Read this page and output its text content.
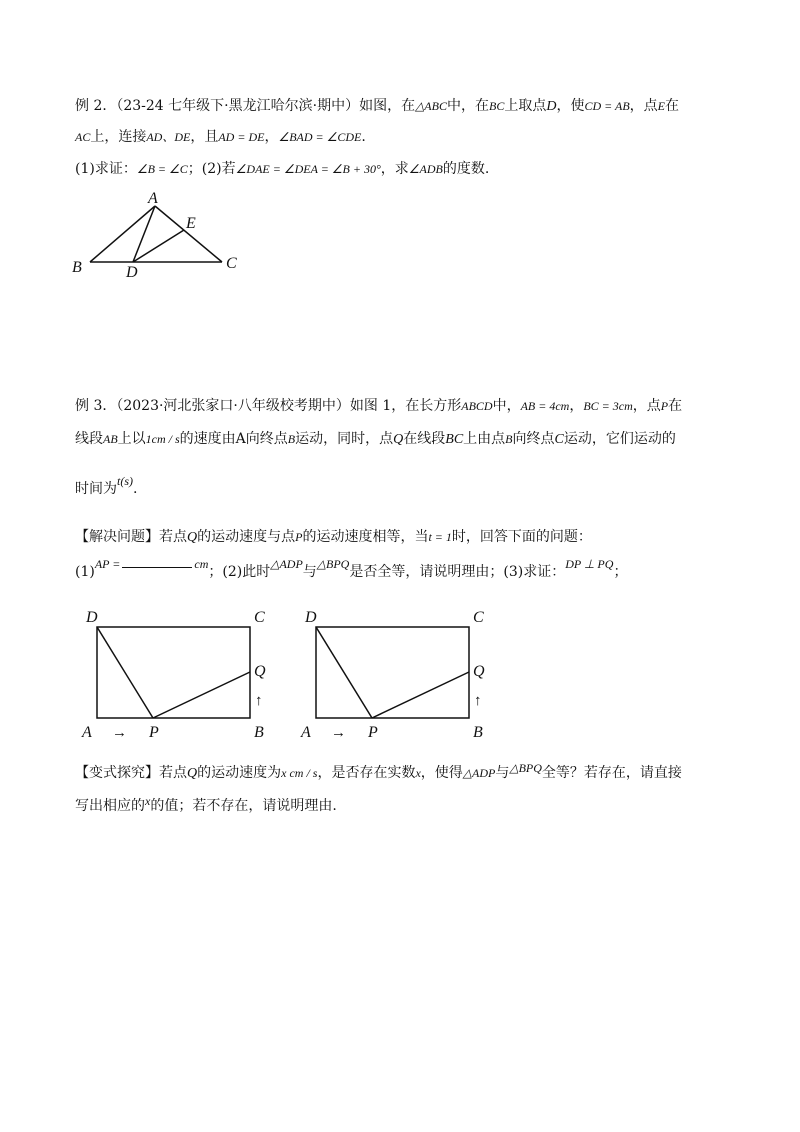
例 2．（23-24 七年级下·黑龙江哈尔滨·期中）如图，在△ABC中，在BC上取点D，使CD = AB，点E在
AC上，连接AD、DE，且AD = DE，∠BAD = ∠CDE.
(1)求证：∠B = ∠C；(2)若∠DAE = ∠DEA = ∠B + 30°，求∠ADB的度数.
A
B	C
D
E
D	C
Q
↑
A → P	B
D	C
Q
↑
A → P	B
例 3．（2023·河北张家口·八年级校考期中）如图 1，在长方形ABCD中，AB = 4cm，BC = 3cm，点P在
线段AB上以1cm / s的速度由A向终点B运动，同时，点Q在线段BC上由点B向终点C运动，它们运动的
时间为t(s).
【解决问题】若点Q的运动速度与点P的运动速度相等，当t = 1时，回答下面的问题：
(1)AP =	cm；(2)此时△ADP与△BPQ是否全等，请说明理由；(3)求证：DP ⊥ PQ；
【变式探究】若点Q的运动速度为x cm / s，是否存在实数x，使得△ADP与△BPQ全等？若存在，请直接
写出相应的x的值；若不存在，请说明理由.
